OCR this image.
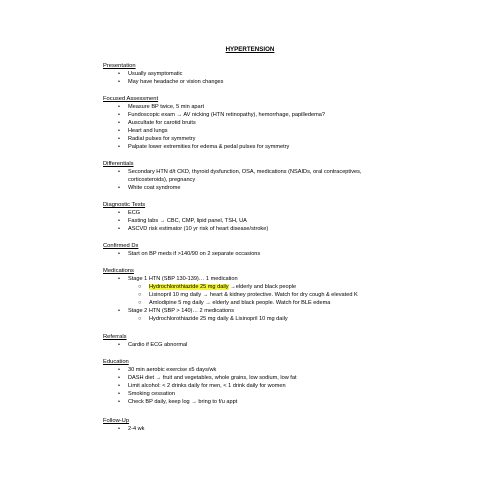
HYPERTENSION
Presentation
• Usually asymptomatic
• May have headache or vision changes
Focused Assessment
• Measure BP twice, 5 min apart
• Fundoscopic exam → AV nicking (HTN retinopathy), hemorrhage, papilledema?
• Auscultate for carotid bruits
• Heart and lungs
• Radial pulses for symmetry
• Palpate lower extremities for edema & pedal pulses for symmetry
Differentials
• Secondary HTN d/t CKD, thyroid dysfunction, OSA, medications (NSAIDs, oral contraceptives,
corticosteroids), pregnancy
• White coat syndrome
Diagnostic Tests
• ECG
• Fasting labs → CBC, CMP, lipid panel, TSH, UA
• ASCVD risk estimator (10 yr risk of heart disease/stroke)
Confirmed Dx
• Start on BP meds if >140/90 on 2 separate occasions
Medications
• Stage 1 HTN (SBP 130-139)… 1 medication
○ Hydrochlorothiazide 25 mg daily →elderly and black people
○ Lisinopril 10 mg daily → heart & kidney protective. Watch for dry cough & elevated K
○ Amlodipine 5 mg daily → elderly and black people. Watch for BLE edema
• Stage 2 HTN (SBP > 140)… 2 medications
○ Hydrochlorothiazide 25 mg daily & Lisinopril 10 mg daily
Referrals
• Cardio if ECG abnormal
Education
• 30 min aerobic exercise x5 days/wk
• DASH diet → fruit and vegetables, whole grains, low sodium, low fat
• Limit alcohol: < 2 drinks daily for men, < 1 drink daily for women
• Smoking cessation
• Check BP daily, keep log → bring to f/u appt
Follow-Up
• 2-4 wk
